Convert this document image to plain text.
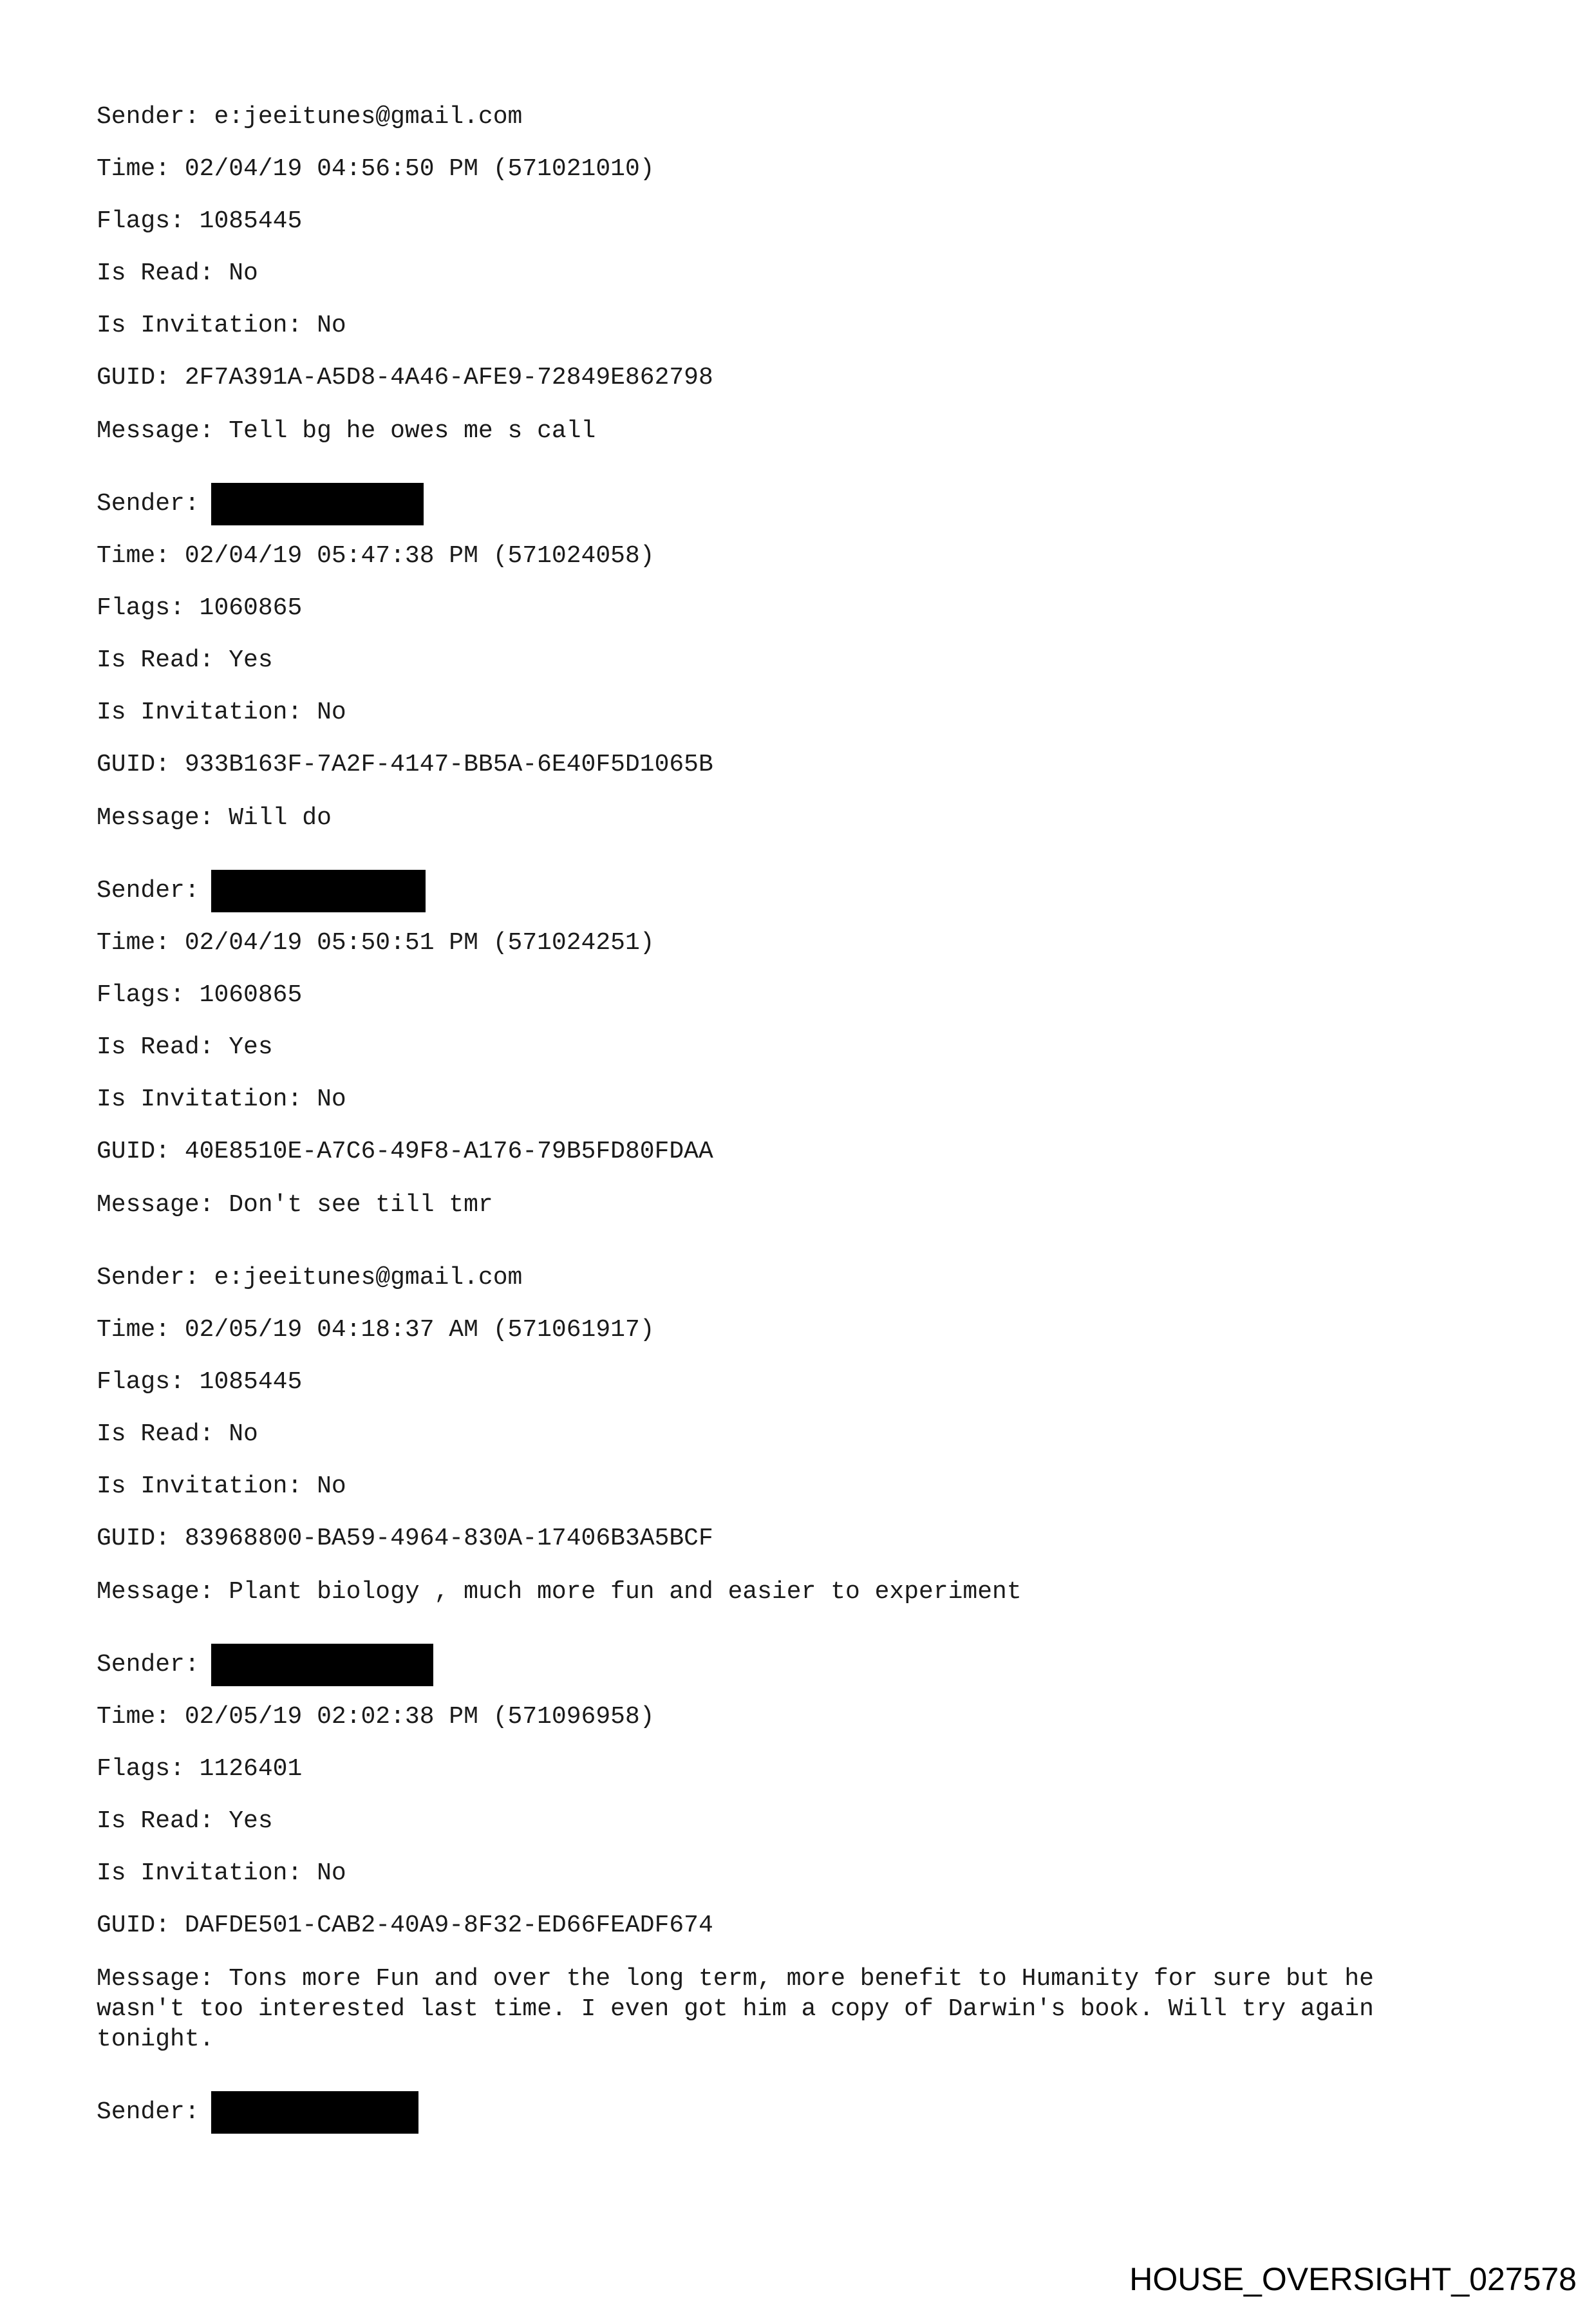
Sender: e:jeeitunes@gmail.com
Time: 02/04/19 04:56:50 PM (571021010)
Flags: 1085445
Is Read: No
Is Invitation: No
GUID: 2F7A391A-A5D8-4A46-AFE9-72849E862798
Message: Tell bg he owes me s call
Sender:
Time: 02/04/19 05:47:38 PM (571024058)
Flags: 1060865
Is Read: Yes
Is Invitation: No
GUID: 933B163F-7A2F-4147-BB5A-6E40F5D1065B
Message: Will do
Sender:
Time: 02/04/19 05:50:51 PM (571024251)
Flags: 1060865
Is Read: Yes
Is Invitation: No
GUID: 40E8510E-A7C6-49F8-A176-79B5FD80FDAA
Message: Don't see till tmr
Sender: e:jeeitunes@gmail.com
Time: 02/05/19 04:18:37 AM (571061917)
Flags: 1085445
Is Read: No
Is Invitation: No
GUID: 83968800-BA59-4964-830A-17406B3A5BCF
Message: Plant biology , much more fun and easier to experiment
Sender:
Time: 02/05/19 02:02:38 PM (571096958)
Flags: 1126401
Is Read: Yes
Is Invitation: No
GUID: DAFDE501-CAB2-40A9-8F32-ED66FEADF674
Message: Tons more Fun and over the long term, more benefit to Humanity for sure but he
wasn't too interested last time. I even got him a copy of Darwin's book. Will try again
tonight.
Sender:
HOUSE_OVERSIGHT_027578
